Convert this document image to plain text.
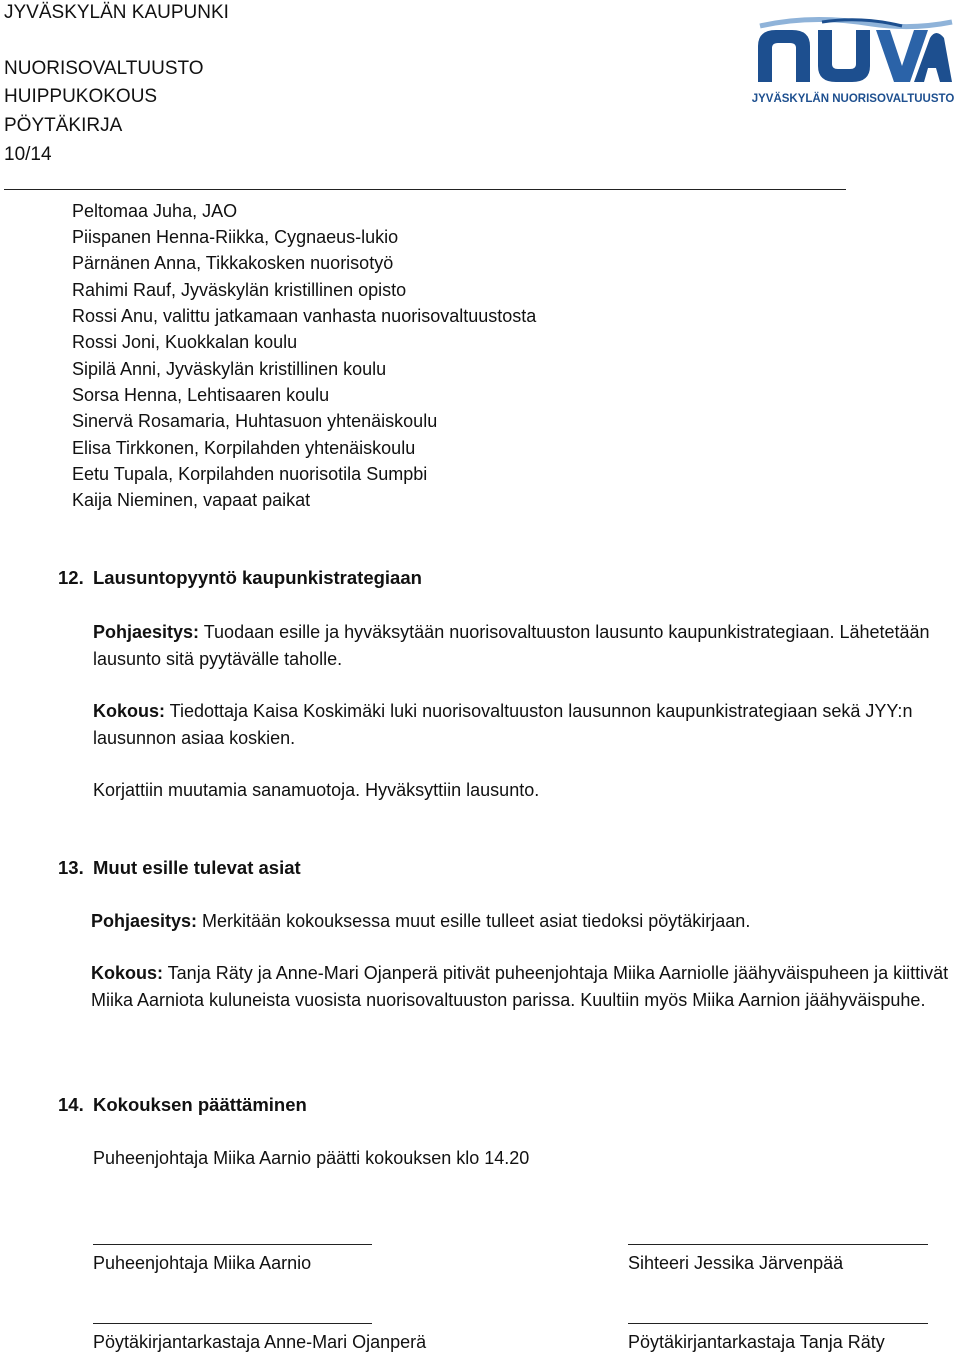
JYVÄSKYLÄN KAUPUNKI
NUORISOVALTUUSTO
HUIPPUKOKOUS
PÖYTÄKIRJA
10/14
JYVÄSKYLÄN NUORISOVALTUUSTO
Peltomaa Juha, JAO
Piispanen Henna-Riikka, Cygnaeus-lukio
Pärnänen Anna, Tikkakosken nuorisotyö
Rahimi Rauf, Jyväskylän kristillinen opisto
Rossi Anu, valittu jatkamaan vanhasta nuorisovaltuustosta
Rossi Joni, Kuokkalan koulu
Sipilä Anni, Jyväskylän kristillinen koulu
Sorsa Henna, Lehtisaaren koulu
Sinervä Rosamaria, Huhtasuon yhtenäiskoulu
Elisa Tirkkonen, Korpilahden yhtenäiskoulu
Eetu Tupala, Korpilahden nuorisotila Sumpbi
Kaija Nieminen, vapaat paikat
12. Lausuntopyyntö kaupunkistrategiaan
Pohjaesitys: Tuodaan esille ja hyväksytään nuorisovaltuuston lausunto kaupunkistrategiaan. Lähetetään lausunto sitä pyytävälle taholle.
Kokous: Tiedottaja Kaisa Koskimäki luki nuorisovaltuuston lausunnon kaupunkistrategiaan sekä JYY:n lausunnon asiaa koskien.
Korjattiin muutamia sanamuotoja. Hyväksyttiin lausunto.
13. Muut esille tulevat asiat
Pohjaesitys: Merkitään kokouksessa muut esille tulleet asiat tiedoksi pöytäkirjaan.
Kokous: Tanja Räty ja Anne-Mari Ojanperä pitivät puheenjohtaja Miika Aarniolle jäähyväispuheen ja kiittivät Miika Aarniota kuluneista vuosista nuorisovaltuuston parissa. Kuultiin myös Miika Aarnion jäähyväispuhe.
14. Kokouksen päättäminen
Puheenjohtaja Miika Aarnio päätti kokouksen klo 14.20
Puheenjohtaja Miika Aarnio	Sihteeri Jessika Järvenpää
Pöytäkirjantarkastaja Anne-Mari Ojanperä	Pöytäkirjantarkastaja Tanja Räty
